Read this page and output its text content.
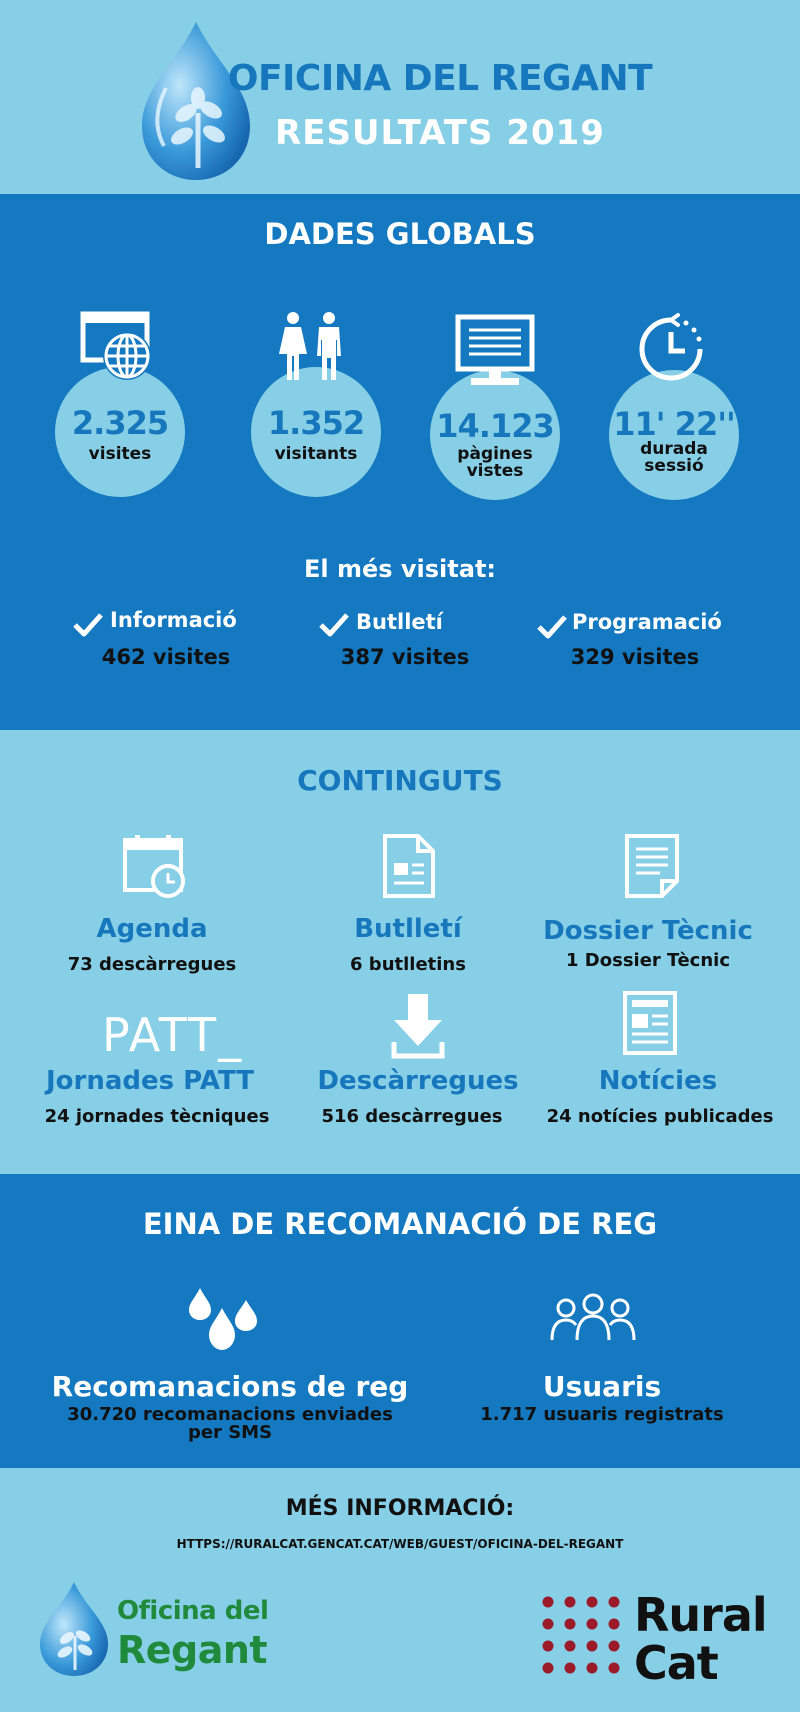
OFICINA DEL REGANT
RESULTATS 2019
DADES GLOBALS
2.325
visites
1.352
visitants
14.123
pàgines
vistes
11' 22''
durada
sessió
El més visitat:
Informació
462 visites
Butlletí
387 visites
Programació
329 visites
CONTINGUTS
Agenda
73 descàrregues
Butlletí
6 butlletins
Dossier Tècnic
1 Dossier Tècnic
PATT_
Jornades PATT
24 jornades tècniques
Descàrregues
516 descàrregues
Notícies
24 notícies publicades
EINA DE RECOMANACIÓ DE REG
Recomanacions de reg
30.720 recomanacions enviades
per SMS
Usuaris
1.717 usuaris registrats
MÉS INFORMACIÓ:
HTTPS://RURALCAT.GENCAT.CAT/WEB/GUEST/OFICINA-DEL-REGANT
Oficina del
Regant
Rural
Cat
